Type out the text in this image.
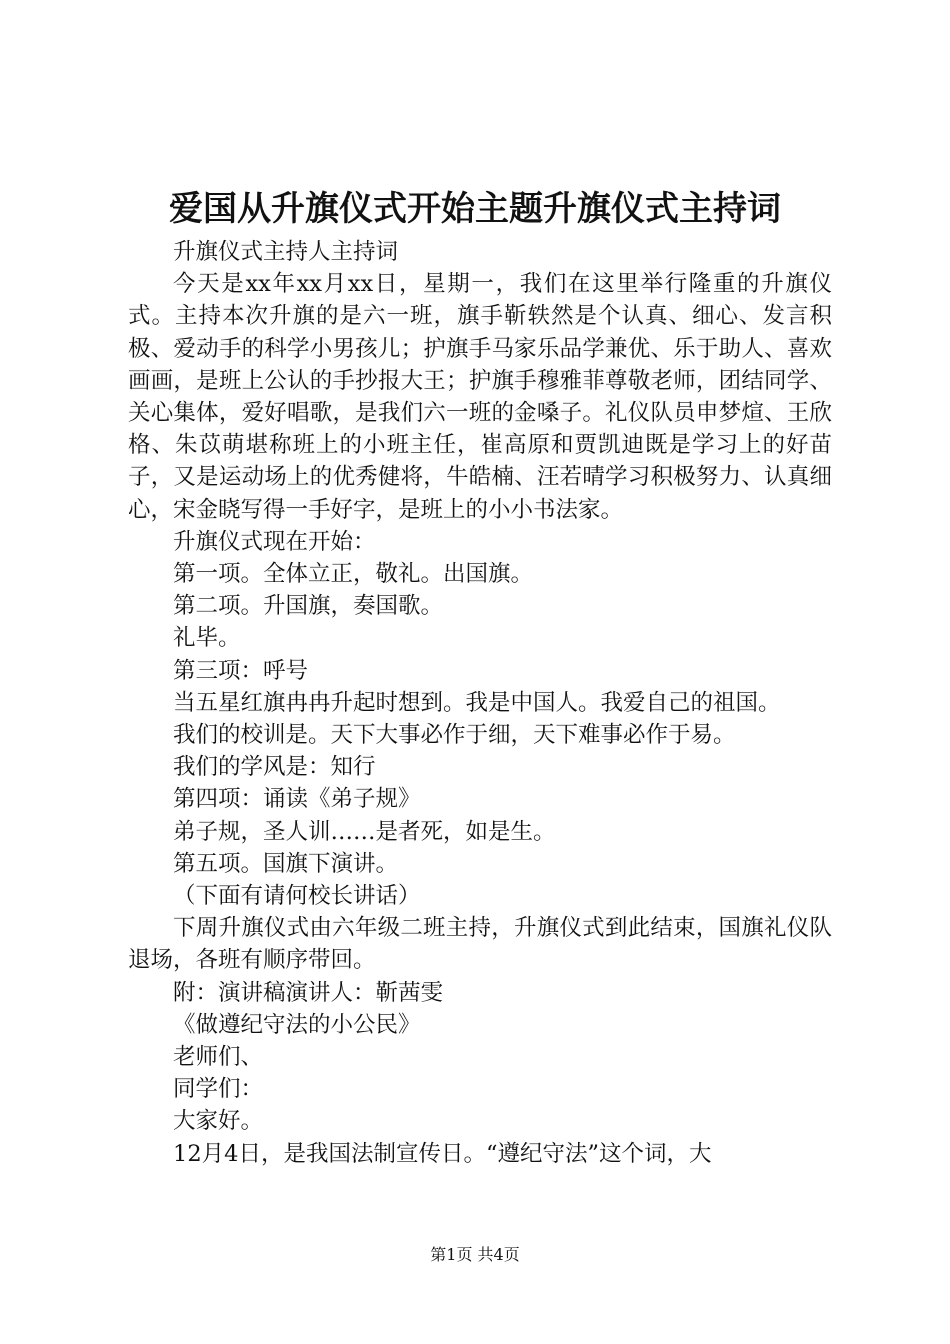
爱国从升旗仪式开始主题升旗仪式主持词

升旗仪式主持人主持词

今天是xx年xx月xx日，星期一，我们在这里举行隆重的升旗仪式。主持本次升旗的是六一班，旗手靳轶然是个认真、细心、发言积极、爱动手的科学小男孩儿；护旗手马家乐品学兼优、乐于助人、喜欢画画，是班上公认的手抄报大王；护旗手穆雅菲尊敬老师，团结同学、关心集体，爱好唱歌，是我们六一班的金嗓子。礼仪队员申梦煊、王欣格、朱苡萌堪称班上的小班主任，崔高原和贾凯迪既是学习上的好苗子，又是运动场上的优秀健将，牛皓楠、汪若晴学习积极努力、认真细心，宋金晓写得一手好字，是班上的小小书法家。

升旗仪式现在开始：

第一项。全体立正，敬礼。出国旗。

第二项。升国旗，奏国歌。

礼毕。

第三项：呼号

当五星红旗冉冉升起时想到。我是中国人。我爱自己的祖国。

我们的校训是。天下大事必作于细，天下难事必作于易。

我们的学风是：知行

第四项：诵读《弟子规》

弟子规，圣人训……是者死，如是生。

第五项。国旗下演讲。

（下面有请何校长讲话）

下周升旗仪式由六年级二班主持，升旗仪式到此结束，国旗礼仪队退场，各班有顺序带回。

附：演讲稿演讲人：靳茜雯

《做遵纪守法的小公民》

老师们、

同学们：

大家好。

12月4日，是我国法制宣传日。“遵纪守法”这个词，大

第1页 共4页
